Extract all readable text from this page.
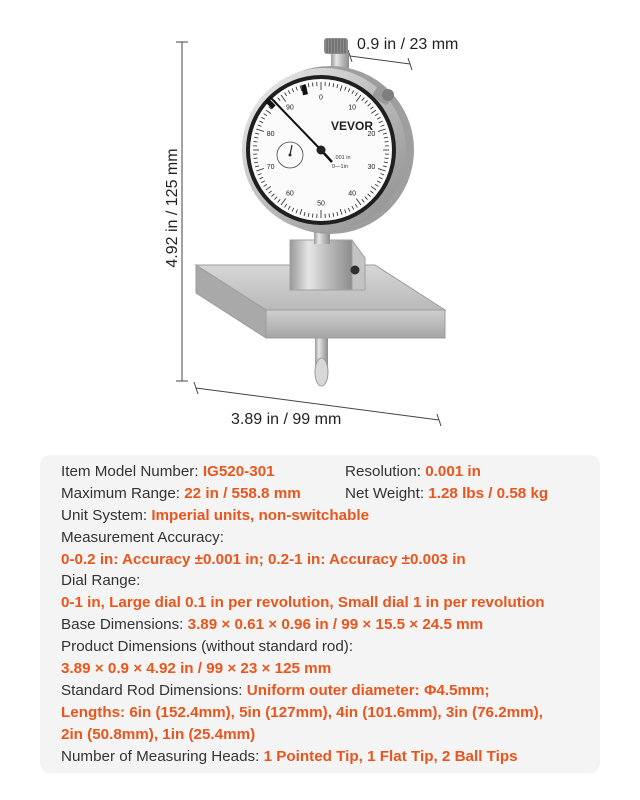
0
10
20
30
40
50
60
70
80
90
VEVOR
.001 in
0—1in
0.9 in / 23 mm
4.92 in / 125 mm
3.89 in / 99 mm
Item Model Number: IG520-301	Resolution: 0.001 in
Maximum Range: 22 in / 558.8 mm	Net Weight: 1.28 lbs / 0.58 kg
Unit System: Imperial units, non-switchable
Measurement Accuracy:
0-0.2 in: Accuracy ±0.001 in; 0.2-1 in: Accuracy ±0.003 in
Dial Range:
0-1 in, Large dial 0.1 in per revolution, Small dial 1 in per revolution
Base Dimensions: 3.89 × 0.61 × 0.96 in / 99 × 15.5 × 24.5 mm
Product Dimensions (without standard rod):
3.89 × 0.9 × 4.92 in / 99 × 23 × 125 mm
Standard Rod Dimensions: Uniform outer diameter: Φ4.5mm;
Lengths: 6in (152.4mm), 5in (127mm), 4in (101.6mm), 3in (76.2mm),
2in (50.8mm), 1in (25.4mm)
Number of Measuring Heads: 1 Pointed Tip, 1 Flat Tip, 2 Ball Tips
